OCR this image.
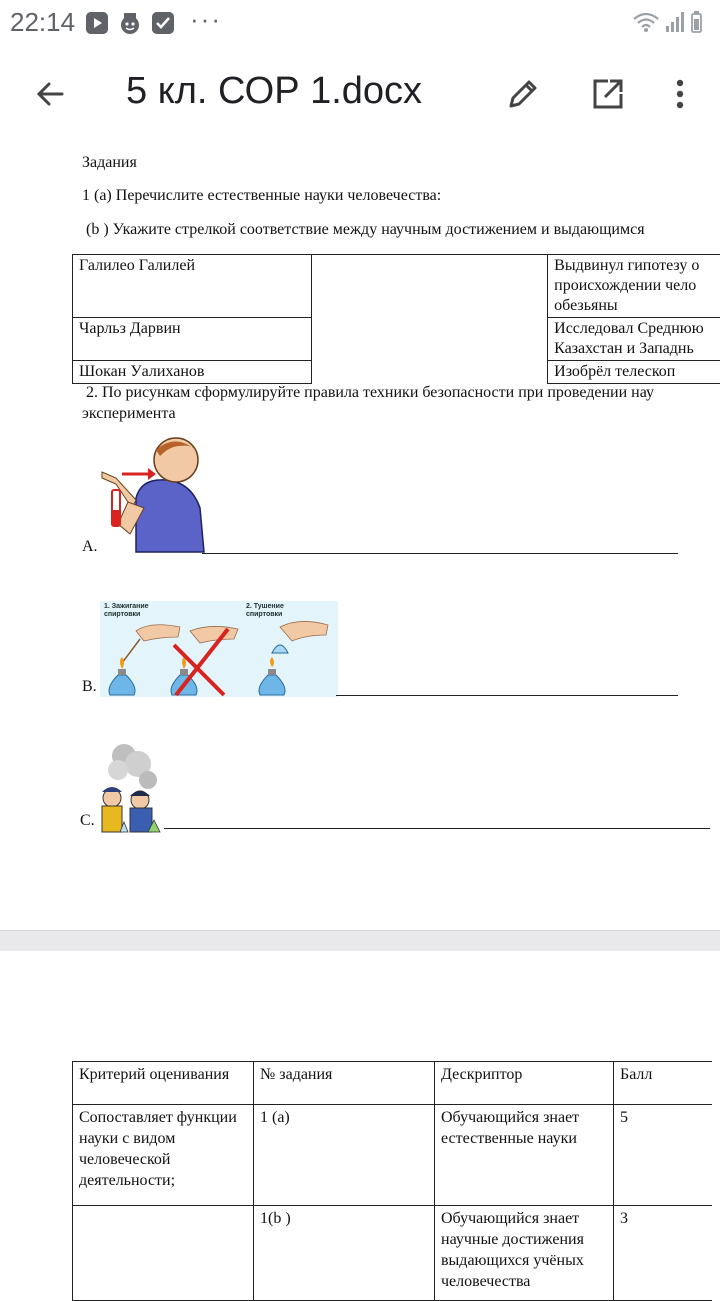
22:14	···
5 кл. СОР 1.docx
Задания
1 (а) Перечислите естественные науки человечества:
(b ) Укажите стрелкой соответствие между научным достижением и выдающимся
Галилео Галилей		Выдвинул гипотезу о
происхождении чело
обезьяны
Чарльз Дарвин		Исследовал Среднюю
Казахстан и Западнь
Шокан Уалиханов		Изобрёл телескоп
2. По рисункам сформулируйте правила техники безопасности при проведении нау
эксперимента
A.
1. Зажигание спиртовки
2. Тушение спиртовки
B.
C.
Критерий оценивания	№ задания	Дескриптор	Балл
Сопоставляет функции науки с видом человеческой деятельности;	1 (а)	Обучающийся знает естественные науки	5
	1(b )	Обучающийся знает научные достижения выдающихся учёных человечества	3
